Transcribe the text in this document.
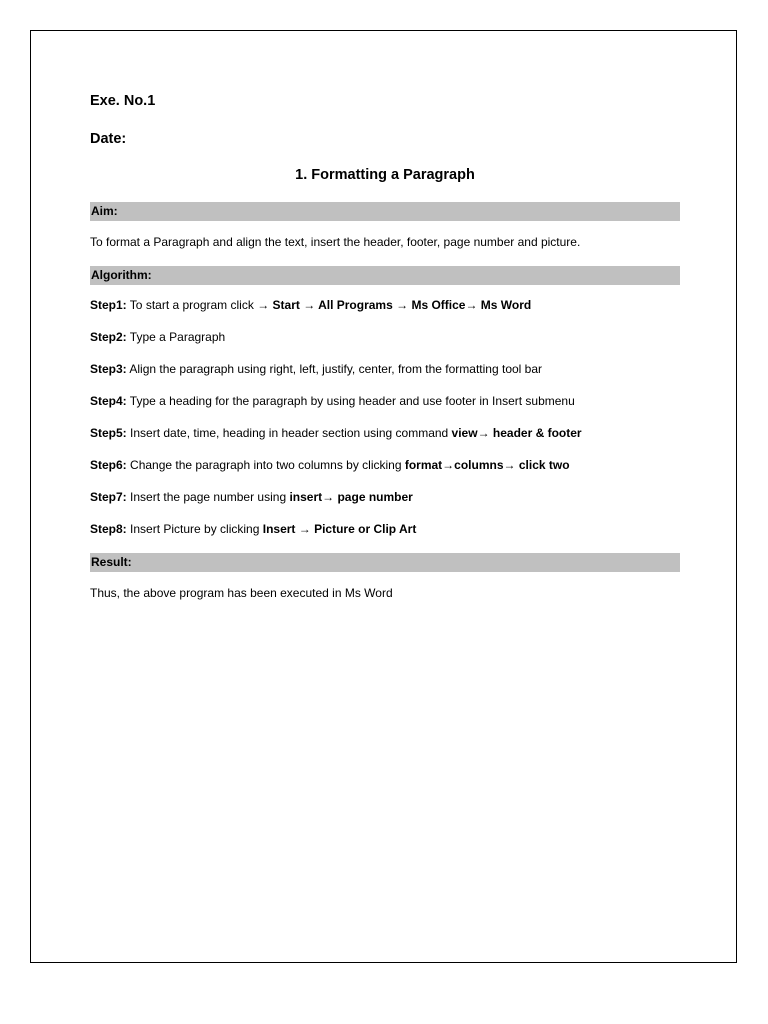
Exe. No.1
Date:
1. Formatting a Paragraph
Aim:
To format a Paragraph and align the text, insert the header, footer, page number and picture.
Algorithm:
Step1: To start a program click → Start → All Programs → Ms Office→ Ms Word
Step2: Type a Paragraph
Step3: Align the paragraph using right, left, justify, center, from the formatting tool bar
Step4: Type a heading for the paragraph by using header and use footer in Insert submenu
Step5: Insert date, time, heading in header section using command view→ header & footer
Step6: Change the paragraph into two columns by clicking format→columns→ click two
Step7: Insert the page number using insert→ page number
Step8: Insert Picture by clicking Insert → Picture or Clip Art
Result:
Thus, the above program has been executed in Ms Word
